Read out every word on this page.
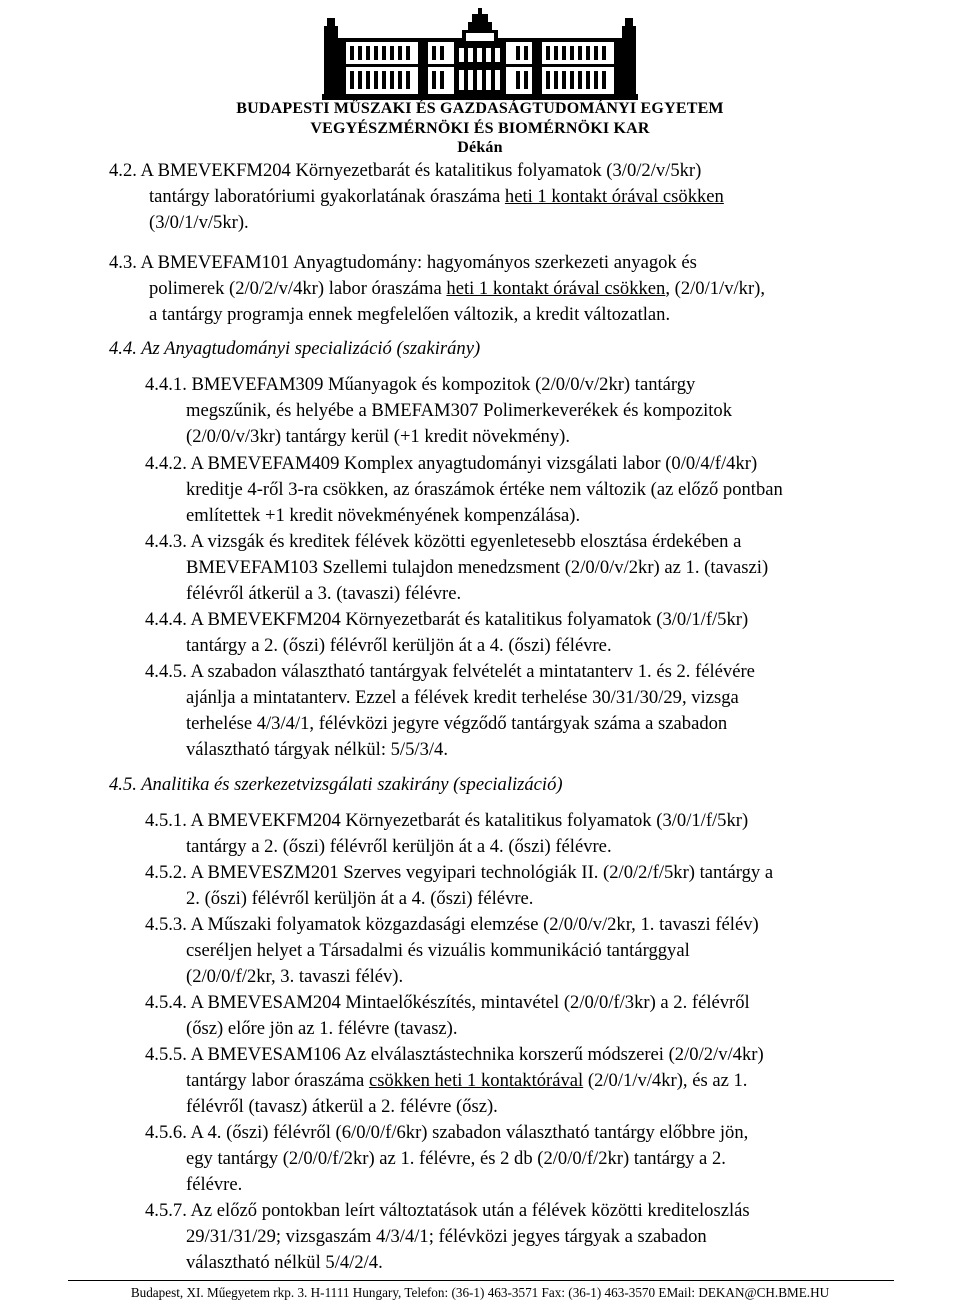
BUDAPESTI MŰSZAKI ÉS GAZDASÁGTUDOMÁNYI EGYETEM
VEGYÉSZMÉRNÖKI ÉS BIOMÉRNÖKI KAR
Dékán
4.2. A BMEVEKFM204 Környezetbarát és katalitikus folyamatok (3/0/2/v/5kr)
tantárgy laboratóriumi gyakorlatának óraszáma heti 1 kontakt órával csökken
(3/0/1/v/5kr).
4.3. A BMEVEFAM101 Anyagtudomány: hagyományos szerkezeti anyagok és
polimerek (2/0/2/v/4kr) labor óraszáma heti 1 kontakt órával csökken, (2/0/1/v/kr),
a tantárgy programja ennek megfelelően változik, a kredit változatlan.
4.4. Az Anyagtudományi specializáció (szakirány)
4.4.1. BMEVEFAM309 Műanyagok és kompozitok (2/0/0/v/2kr) tantárgy
megszűnik, és helyébe a BMEFAM307 Polimerkeverékek és kompozitok
(2/0/0/v/3kr) tantárgy kerül (+1 kredit növekmény).
4.4.2. A BMEVEFAM409 Komplex anyagtudományi vizsgálati labor (0/0/4/f/4kr)
kreditje 4-ről 3-ra csökken, az óraszámok értéke nem változik (az előző pontban
említettek +1 kredit növekményének kompenzálása).
4.4.3. A vizsgák és kreditek félévek közötti egyenletesebb elosztása érdekében a
BMEVEFAM103 Szellemi tulajdon menedzsment (2/0/0/v/2kr) az 1. (tavaszi)
félévről átkerül a 3. (tavaszi) félévre.
4.4.4. A BMEVEKFM204 Környezetbarát és katalitikus folyamatok (3/0/1/f/5kr)
tantárgy a 2. (őszi) félévről kerüljön át a 4. (őszi) félévre.
4.4.5. A szabadon választható tantárgyak felvételét a mintatanterv 1. és 2. félévére
ajánlja a mintatanterv. Ezzel a félévek kredit terhelése 30/31/30/29, vizsga
terhelése 4/3/4/1, félévközi jegyre végződő tantárgyak száma a szabadon
választható tárgyak nélkül: 5/5/3/4.
4.5. Analitika és szerkezetvizsgálati szakirány (specializáció)
4.5.1. A BMEVEKFM204 Környezetbarát és katalitikus folyamatok (3/0/1/f/5kr)
tantárgy a 2. (őszi) félévről kerüljön át a 4. (őszi) félévre.
4.5.2. A BMEVESZM201 Szerves vegyipari technológiák II. (2/0/2/f/5kr) tantárgy a
2. (őszi) félévről kerüljön át a 4. (őszi) félévre.
4.5.3. A Műszaki folyamatok közgazdasági elemzése (2/0/0/v/2kr, 1. tavaszi félév)
cseréljen helyet a Társadalmi és vizuális kommunikáció tantárggyal
(2/0/0/f/2kr, 3. tavaszi félév).
4.5.4. A BMEVESAM204 Mintaelőkészítés, mintavétel (2/0/0/f/3kr) a 2. félévről
(ősz) előre jön az 1. félévre (tavasz).
4.5.5. A BMEVESAM106 Az elválasztástechnika korszerű módszerei (2/0/2/v/4kr)
tantárgy labor óraszáma csökken heti 1 kontaktórával (2/0/1/v/4kr), és az 1.
félévről (tavasz) átkerül a 2. félévre (ősz).
4.5.6. A 4. (őszi) félévről (6/0/0/f/6kr) szabadon választható tantárgy előbbre jön,
egy tantárgy (2/0/0/f/2kr) az 1. félévre, és 2 db (2/0/0/f/2kr) tantárgy a 2.
félévre.
4.5.7. Az előző pontokban leírt változtatások után a félévek közötti krediteloszlás
29/31/31/29; vizsgaszám 4/3/4/1; félévközi jegyes tárgyak a szabadon
választható nélkül 5/4/2/4.
Budapest, XI. Műegyetem rkp. 3. H-1111 Hungary, Telefon: (36-1) 463-3571 Fax: (36-1) 463-3570 EMail: DEKAN@CH.BME.HU
